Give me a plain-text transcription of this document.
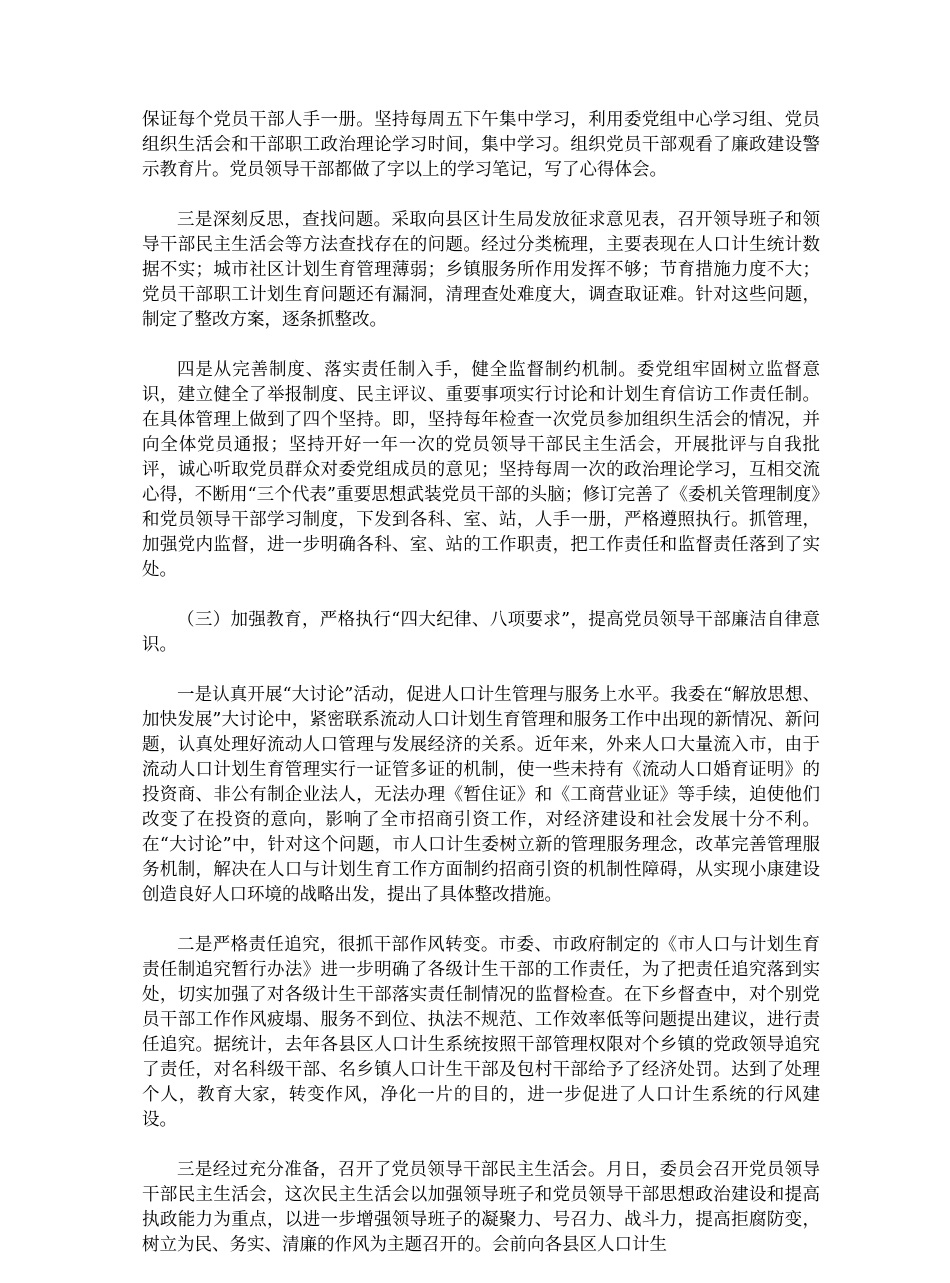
保证每个党员干部人手一册。坚持每周五下午集中学习，利用委党组中心学习组、党员组织生活会和干部职工政治理论学习时间，集中学习。组织党员干部观看了廉政建设警示教育片。党员领导干部都做了字以上的学习笔记，写了心得体会。

三是深刻反思，查找问题。采取向县区计生局发放征求意见表，召开领导班子和领导干部民主生活会等方法查找存在的问题。经过分类梳理，主要表现在人口计生统计数据不实；城市社区计划生育管理薄弱；乡镇服务所作用发挥不够；节育措施力度不大；党员干部职工计划生育问题还有漏洞，清理查处难度大，调查取证难。针对这些问题，制定了整改方案，逐条抓整改。

四是从完善制度、落实责任制入手，健全监督制约机制。委党组牢固树立监督意识，建立健全了举报制度、民主评议、重要事项实行讨论和计划生育信访工作责任制。在具体管理上做到了四个坚持。即，坚持每年检查一次党员参加组织生活会的情况，并向全体党员通报；坚持开好一年一次的党员领导干部民主生活会，开展批评与自我批评，诚心听取党员群众对委党组成员的意见；坚持每周一次的政治理论学习，互相交流心得，不断用“三个代表”重要思想武装党员干部的头脑；修订完善了《委机关管理制度》和党员领导干部学习制度，下发到各科、室、站，人手一册，严格遵照执行。抓管理，加强党内监督，进一步明确各科、室、站的工作职责，把工作责任和监督责任落到了实处。

（三）加强教育，严格执行“四大纪律、八项要求”，提高党员领导干部廉洁自律意识。

一是认真开展“大讨论”活动，促进人口计生管理与服务上水平。我委在“解放思想、加快发展”大讨论中，紧密联系流动人口计划生育管理和服务工作中出现的新情况、新问题，认真处理好流动人口管理与发展经济的关系。近年来，外来人口大量流入市，由于流动人口计划生育管理实行一证管多证的机制，使一些未持有《流动人口婚育证明》的投资商、非公有制企业法人，无法办理《暂住证》和《工商营业证》等手续，迫使他们改变了在投资的意向，影响了全市招商引资工作，对经济建设和社会发展十分不利。在“大讨论”中，针对这个问题，市人口计生委树立新的管理服务理念，改革完善管理服务机制，解决在人口与计划生育工作方面制约招商引资的机制性障碍，从实现小康建设创造良好人口环境的战略出发，提出了具体整改措施。

二是严格责任追究，很抓干部作风转变。市委、市政府制定的《市人口与计划生育责任制追究暂行办法》进一步明确了各级计生干部的工作责任，为了把责任追究落到实处，切实加强了对各级计生干部落实责任制情况的监督检查。在下乡督查中，对个别党员干部工作作风疲塌、服务不到位、执法不规范、工作效率低等问题提出建议，进行责任追究。据统计，去年各县区人口计生系统按照干部管理权限对个乡镇的党政领导追究了责任，对名科级干部、名乡镇人口计生干部及包村干部给予了经济处罚。达到了处理个人，教育大家，转变作风，净化一片的目的，进一步促进了人口计生系统的行风建设。

三是经过充分准备，召开了党员领导干部民主生活会。月日，委员会召开党员领导干部民主生活会，这次民主生活会以加强领导班子和党员领导干部思想政治建设和提高执政能力为重点，以进一步增强领导班子的凝聚力、号召力、战斗力，提高拒腐防变，树立为民、务实、清廉的作风为主题召开的。会前向各县区人口计生
